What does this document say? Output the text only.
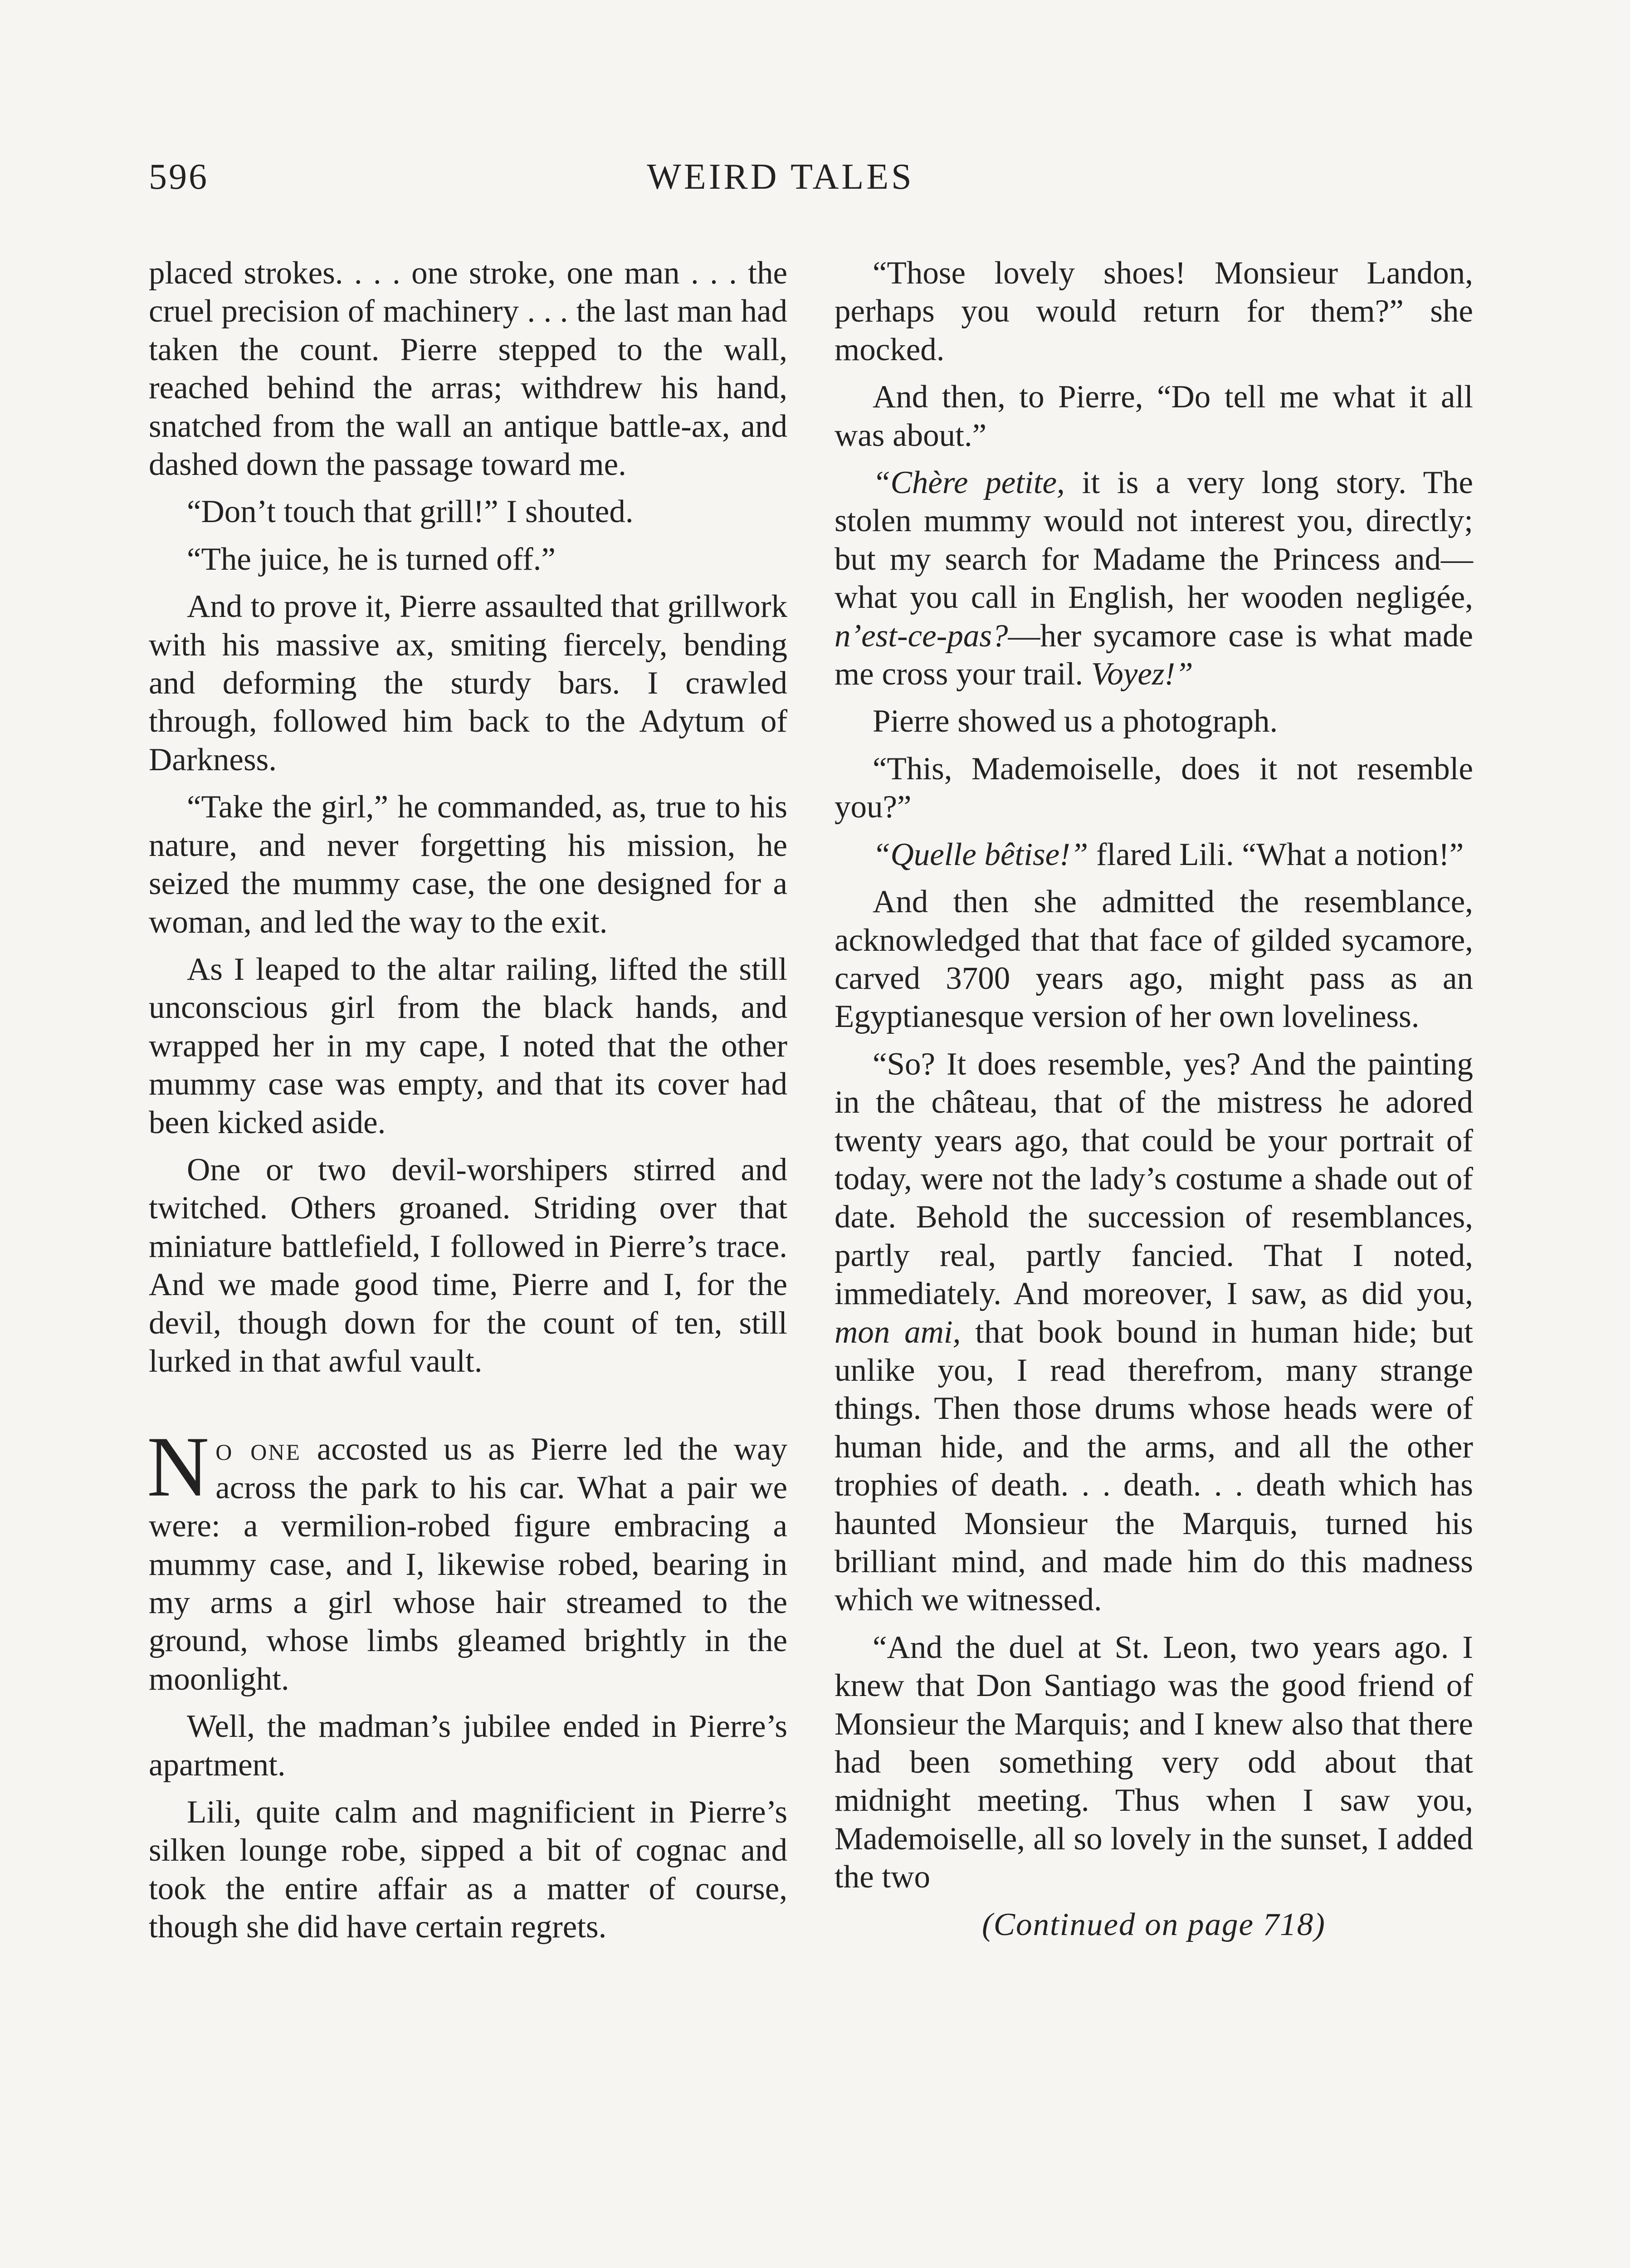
596	WEIRD TALES

placed strokes. . . . one stroke, one man . . . the cruel precision of machinery . . . the last man had taken the count. Pierre stepped to the wall, reached behind the arras; withdrew his hand, snatched from the wall an antique battle-ax, and dashed down the passage toward me.

“Don’t touch that grill!” I shouted.

“The juice, he is turned off.”

And to prove it, Pierre assaulted that grillwork with his massive ax, smiting fiercely, bending and deforming the sturdy bars. I crawled through, followed him back to the Adytum of Darkness.

“Take the girl,” he commanded, as, true to his nature, and never forgetting his mission, he seized the mummy case, the one designed for a woman, and led the way to the exit.

As I leaped to the altar railing, lifted the still unconscious girl from the black hands, and wrapped her in my cape, I noted that the other mummy case was empty, and that its cover had been kicked aside.

One or two devil-worshipers stirred and twitched. Others groaned. Striding over that miniature battlefield, I followed in Pierre’s trace. And we made good time, Pierre and I, for the devil, though down for the count of ten, still lurked in that awful vault.

No one accosted us as Pierre led the way across the park to his car. What a pair we were: a vermilion-robed figure embracing a mummy case, and I, likewise robed, bearing in my arms a girl whose hair streamed to the ground, whose limbs gleamed brightly in the moonlight.

Well, the madman’s jubilee ended in Pierre’s apartment.

Lili, quite calm and magnificient in Pierre’s silken lounge robe, sipped a bit of cognac and took the entire affair as a matter of course, though she did have certain regrets.

“Those lovely shoes! Monsieur Landon, perhaps you would return for them?” she mocked.

And then, to Pierre, “Do tell me what it all was about.”

“Chère petite, it is a very long story. The stolen mummy would not interest you, directly; but my search for Madame the Princess and—what you call in English, her wooden negligée, n’est-ce-pas?—her sycamore case is what made me cross your trail. Voyez!”

Pierre showed us a photograph.

“This, Mademoiselle, does it not resemble you?”

“Quelle bêtise!” flared Lili. “What a notion!”

And then she admitted the resemblance, acknowledged that that face of gilded sycamore, carved 3700 years ago, might pass as an Egyptianesque version of her own loveliness.

“So? It does resemble, yes? And the painting in the château, that of the mistress he adored twenty years ago, that could be your portrait of today, were not the lady’s costume a shade out of date. Behold the succession of resemblances, partly real, partly fancied. That I noted, immediately. And moreover, I saw, as did you, mon ami, that book bound in human hide; but unlike you, I read therefrom, many strange things. Then those drums whose heads were of human hide, and the arms, and all the other trophies of death. . . death. . . death which has haunted Monsieur the Marquis, turned his brilliant mind, and made him do this madness which we witnessed.

“And the duel at St. Leon, two years ago. I knew that Don Santiago was the good friend of Monsieur the Marquis; and I knew also that there had been something very odd about that midnight meeting. Thus when I saw you, Mademoiselle, all so lovely in the sunset, I added the two

(Continued on page 718)
